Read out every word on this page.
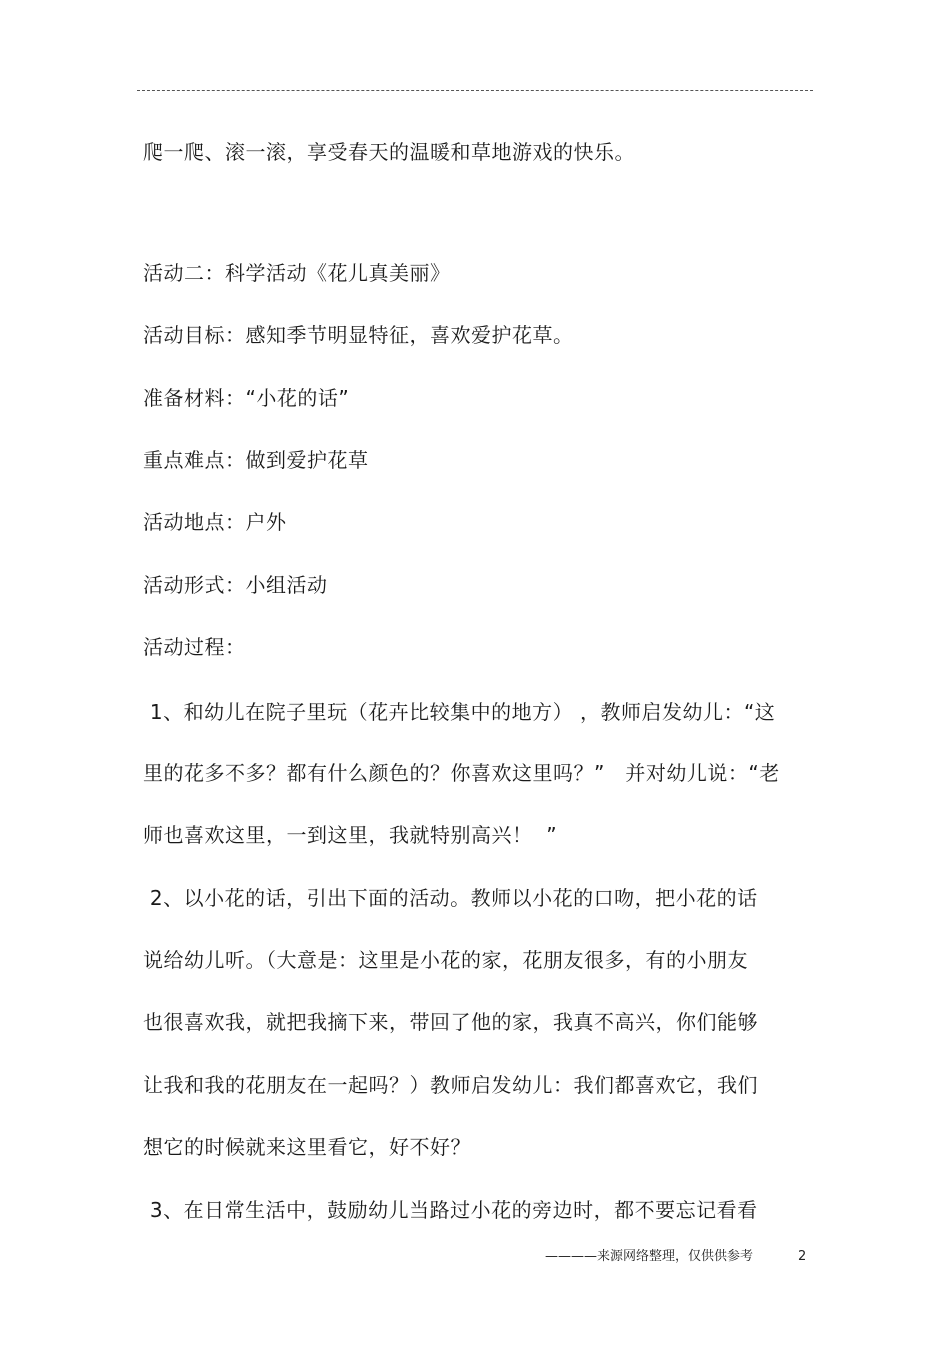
爬一爬、滚一滚，享受春天的温暖和草地游戏的快乐。
活动二：科学活动《花儿真美丽》
活动目标：感知季节明显特征，喜欢爱护花草。
准备材料：“小花的话”
重点难点：做到爱护花草
活动地点：户外
活动形式：小组活动
活动过程：
1、和幼儿在院子里玩（花卉比较集中的地方） ，教师启发幼儿：“这
里的花多不多？都有什么颜色的？你喜欢这里吗？”   并对幼儿说：“老
师也喜欢这里，一到这里，我就特别高兴！  ”
2、以小花的话，引出下面的活动。教师以小花的口吻，把小花的话
说给幼儿听。（大意是：这里是小花的家，花朋友很多，有的小朋友
也很喜欢我，就把我摘下来，带回了他的家，我真不高兴，你们能够
让我和我的花朋友在一起吗？）教师启发幼儿：我们都喜欢它，我们
想它的时候就来这里看它，好不好？
3、在日常生活中，鼓励幼儿当路过小花的旁边时，都不要忘记看看
————来源网络整理，仅供供参考	2
